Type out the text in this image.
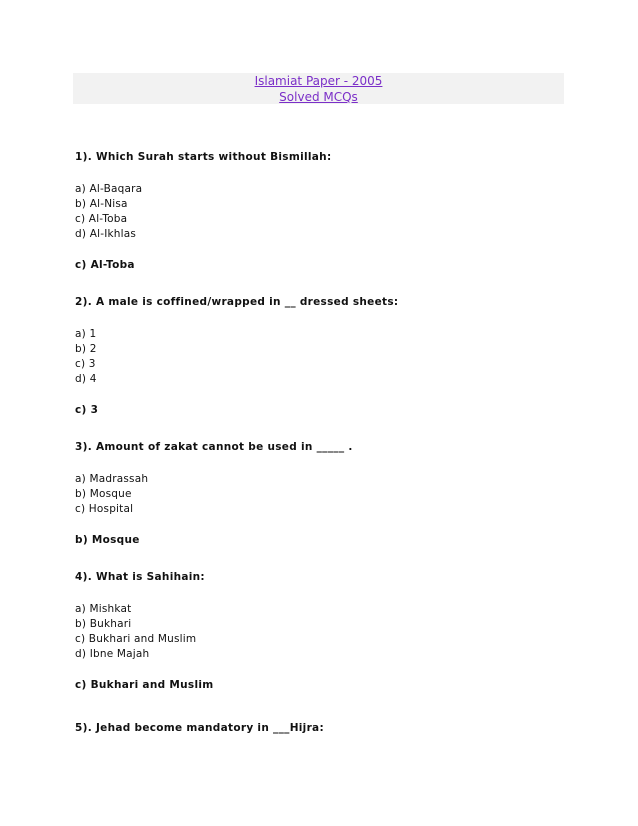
Islamiat Paper - 2005
Solved MCQs
1). Which Surah starts without Bismillah:
a) Al-Baqara
b) Al-Nisa
c) Al-Toba
d) Al-Ikhlas
c) Al-Toba
2). A male is coffined/wrapped in __ dressed sheets:
a) 1
b) 2
c) 3
d) 4
c) 3
3). Amount of zakat cannot be used in _____ .
a) Madrassah
b) Mosque
c) Hospital
b) Mosque
4). What is Sahihain:
a) Mishkat
b) Bukhari
c) Bukhari and Muslim
d) Ibne Majah
c) Bukhari and Muslim
5). Jehad become mandatory in ___Hijra:
